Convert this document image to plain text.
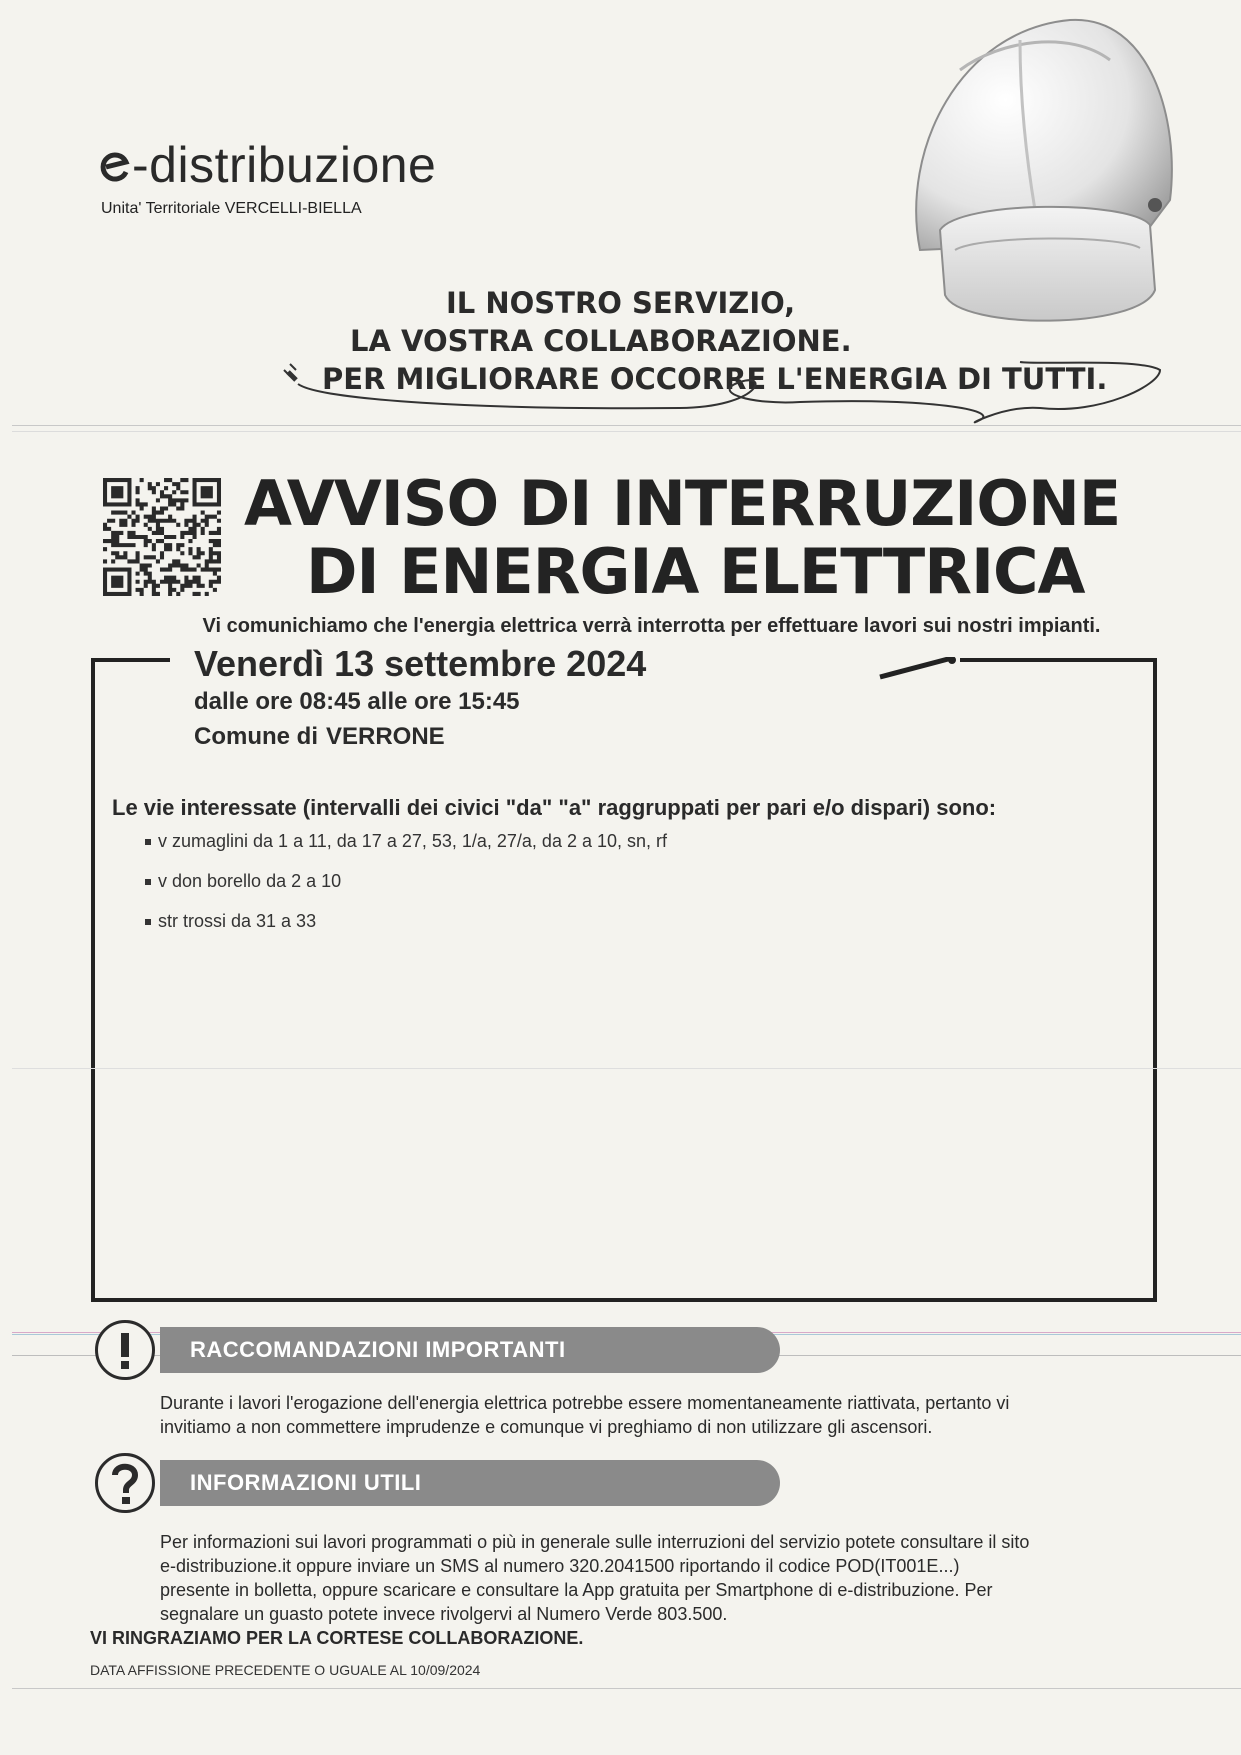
-distribuzione
Unita' Territoriale VERCELLI-BIELLA
IL NOSTRO SERVIZIO,
LA VOSTRA COLLABORAZIONE.
PER MIGLIORARE OCCORRE L'ENERGIA DI TUTTI.
AVVISO DI INTERRUZIONE
DI ENERGIA ELETTRICA
Vi comunichiamo che l'energia elettrica verrà interrotta per effettuare lavori sui nostri impianti.
Venerdì 13 settembre 2024
dalle ore 08:45 alle ore 15:45
Comune di VERRONE
Le vie interessate (intervalli dei civici "da" "a" raggruppati per pari e/o dispari) sono:
v zumaglini da 1 a 11, da 17 a 27, 53, 1/a, 27/a, da 2 a 10, sn, rf
v don borello da 2 a 10
str trossi da 31 a 33
RACCOMANDAZIONI IMPORTANTI
Durante i lavori l'erogazione dell'energia elettrica potrebbe essere momentaneamente riattivata, pertanto vi
invitiamo a non commettere imprudenze e comunque vi preghiamo di non utilizzare gli ascensori.
INFORMAZIONI UTILI
Per informazioni sui lavori programmati o più in generale sulle interruzioni del servizio potete consultare il sito
e-distribuzione.it oppure inviare un SMS al numero 320.2041500 riportando il codice POD(IT001E...)
presente in bolletta, oppure scaricare e consultare la App gratuita per Smartphone di e-distribuzione. Per
segnalare un guasto potete invece rivolgervi al Numero Verde 803.500.
VI RINGRAZIAMO PER LA CORTESE COLLABORAZIONE.
DATA AFFISSIONE PRECEDENTE O UGUALE AL 10/09/2024
